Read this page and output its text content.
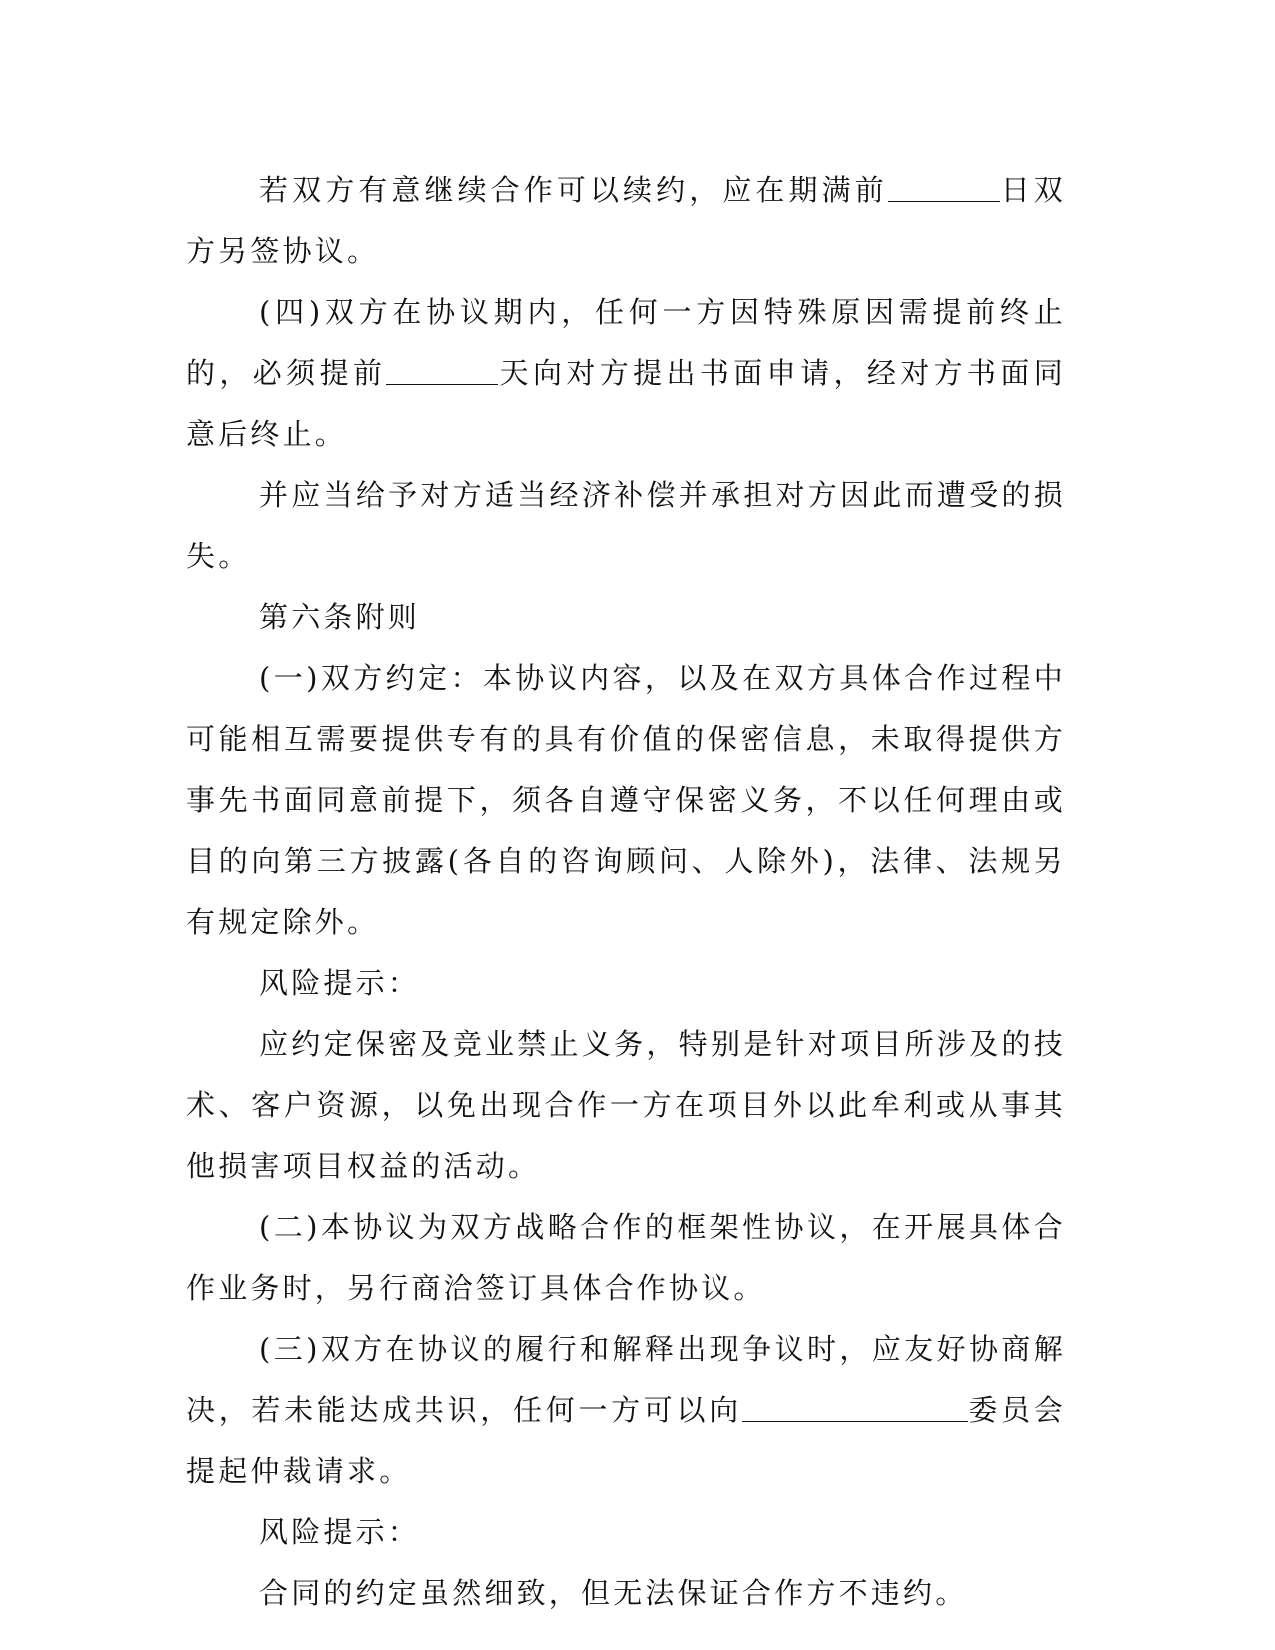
若双方有意继续合作可以续约，应在期满前	日双方另签协议。

(四)双方在协议期内，任何一方因特殊原因需提前终止的，必须提前	天向对方提出书面申请，经对方书面同意后终止。

并应当给予对方适当经济补偿并承担对方因此而遭受的损失。

第六条附则

(一)双方约定：本协议内容，以及在双方具体合作过程中可能相互需要提供专有的具有价值的保密信息，未取得提供方事先书面同意前提下，须各自遵守保密义务，不以任何理由或目的向第三方披露(各自的咨询顾问、人除外)，法律、法规另有规定除外。

风险提示：

应约定保密及竞业禁止义务，特别是针对项目所涉及的技术、客户资源，以免出现合作一方在项目外以此牟利或从事其他损害项目权益的活动。

(二)本协议为双方战略合作的框架性协议，在开展具体合作业务时，另行商洽签订具体合作协议。

(三)双方在协议的履行和解释出现争议时，应友好协商解决，若未能达成共识，任何一方可以向	委员会提起仲裁请求。

风险提示：

合同的约定虽然细致，但无法保证合作方不违约。
